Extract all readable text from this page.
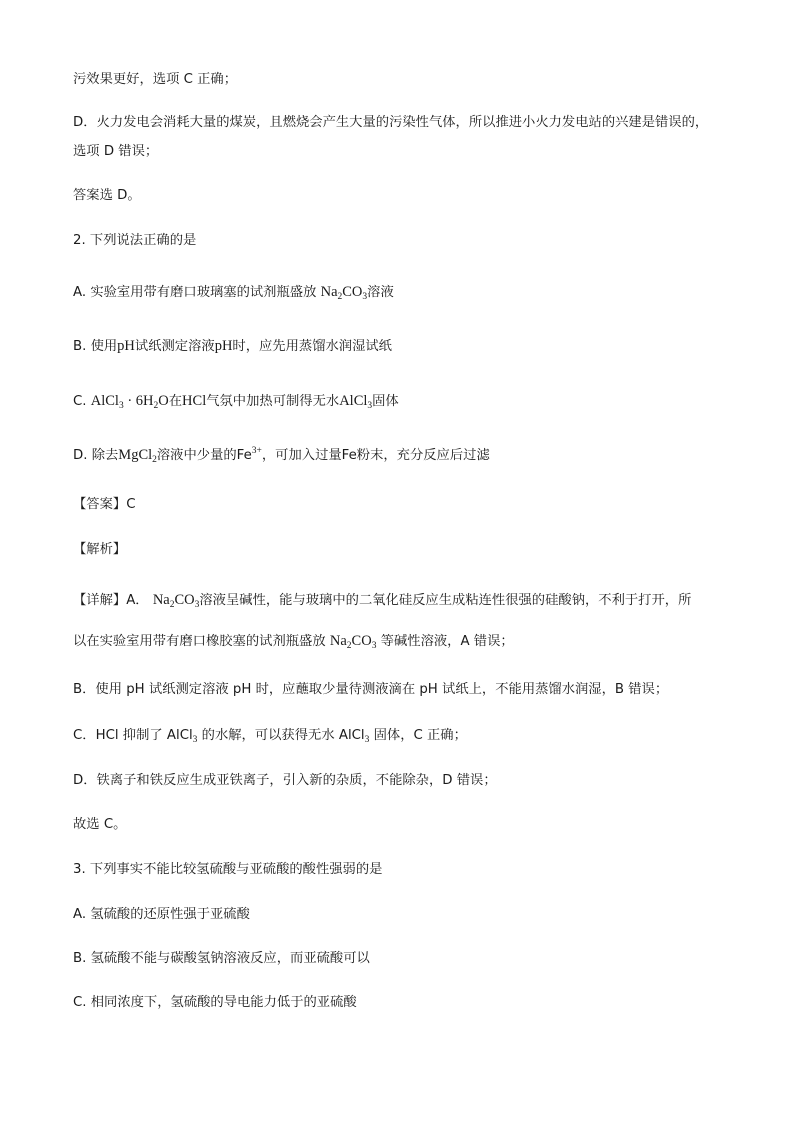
污效果更好，选项 C 正确；
D．火力发电会消耗大量的煤炭，且燃烧会产生大量的污染性气体，所以推进小火力发电站的兴建是错误的，
选项 D 错误；
答案选 D。
2. 下列说法正确的是
A. 实验室用带有磨口玻璃塞的试剂瓶盛放 $Na_2CO_3$溶液
B. 使用pH试纸测定溶液pH时，应先用蒸馏水润湿试纸
C. AlCl$_3$ · $6H_2O$在HCl气氛中加热可制得无水AlCl$_3$固体
D. 除去MgCl$_2$溶液中少量的$Fe^{3+}$，可加入过量Fe粉末，充分反应后过滤
【答案】C
【解析】
【详解】A． $Na_2CO_3$溶液呈碱性，能与玻璃中的二氧化硅反应生成粘连性很强的硅酸钠，不利于打开，所
以在实验室用带有磨口橡胶塞的试剂瓶盛放 $Na_2CO_3$ 等碱性溶液，A 错误；
B．使用 pH 试纸测定溶液 pH 时，应蘸取少量待测液滴在 pH 试纸上，不能用蒸馏水润湿，B 错误；
C．HCl 抑制了 AlCl$_3$ 的水解，可以获得无水 AlCl$_3$ 固体，C 正确；
D．铁离子和铁反应生成亚铁离子，引入新的杂质，不能除杂，D 错误；
故选 C。
3. 下列事实不能比较氢硫酸与亚硫酸的酸性强弱的是
A. 氢硫酸的还原性强于亚硫酸
B. 氢硫酸不能与碳酸氢钠溶液反应，而亚硫酸可以
C. 相同浓度下，氢硫酸的导电能力低于的亚硫酸
